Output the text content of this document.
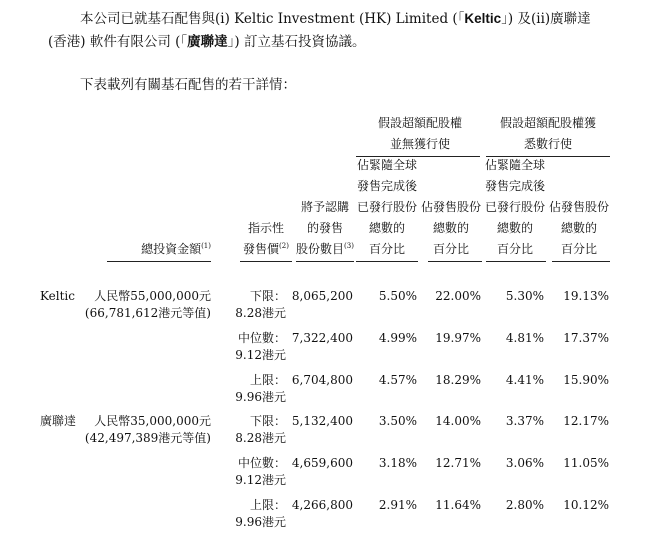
本公司已就基石配售與(i) Keltic Investment (HK) Limited (「Keltic」) 及(ii)廣聯達
(香港) 軟件有限公司 (「廣聯達」) 訂立基石投資協議。
下表載列有關基石配售的若干詳情：
假設超額配股權
並無獲行使
假設超額配股權獲
悉數行使
總投資金額$^{(1)}$
指示性
發售價$^{(2)}$
將予認購
的發售
股份數目$^{(3)}$
佔緊隨全球
發售完成後
已發行股份
總數的
百分比
佔發售股份
總數的
百分比
佔緊隨全球
發售完成後
已發行股份
總數的
百分比
佔發售股份
總數的
百分比
Keltic	人民幣55,000,000元
(66,781,612港元等值)
下限：
8.28港元
8,065,200 5.50% 22.00% 5.30% 19.13%
中位數：
9.12港元
7,322,400 4.99% 19.97% 4.81% 17.37%
上限：
9.96港元
6,704,800 4.57% 18.29% 4.41% 15.90%
廣聯達	人民幣35,000,000元
(42,497,389港元等值)
下限：
8.28港元
5,132,400 3.50% 14.00% 3.37% 12.17%
中位數：
9.12港元
4,659,600 3.18% 12.71% 3.06% 11.05%
上限：
9.96港元
4,266,800 2.91% 11.64% 2.80% 10.12%
